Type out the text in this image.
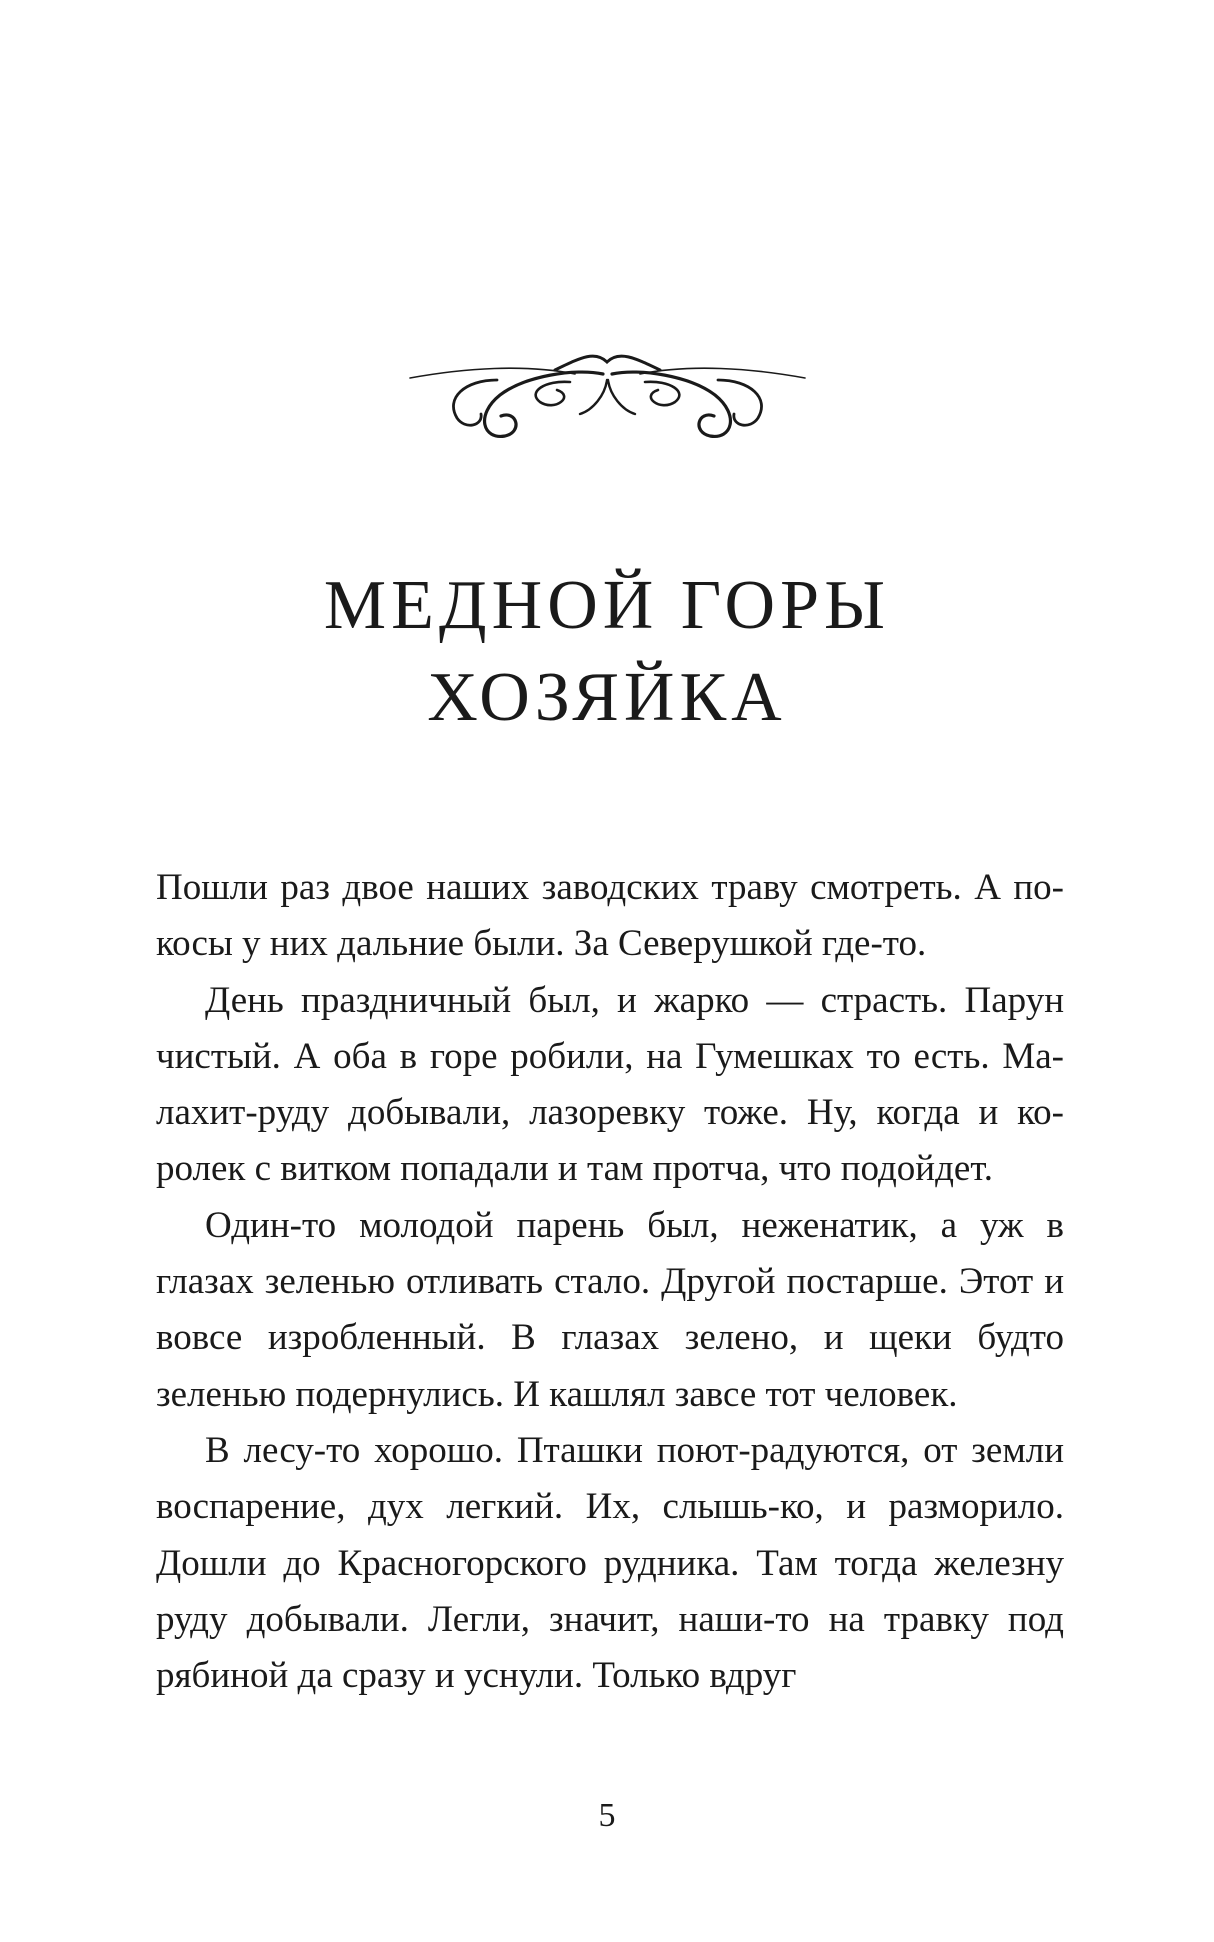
МЕДНОЙ ГОРЫ
ХОЗЯЙКА

Пошли раз двое наших заводских траву смотреть. А покосы у них дальние были. За Северушкой где-то.

День праздничный был, и жарко — страсть. Парун чистый. А оба в горе робили, на Гумешках то есть. Малахит-руду добывали, лазоревку тоже. Ну, когда и королек с витком попадали и там протча, что подойдет.

Один-то молодой парень был, неженатик, а уж в глазах зеленью отливать стало. Другой постарше. Этот и вовсе изробленный. В глазах зелено, и щеки будто зеленью подернулись. И кашлял завсе тот человек.

В лесу-то хорошо. Пташки поют-радуются, от земли воспарение, дух легкий. Их, слышь-ко, и разморило. Дошли до Красногорского рудника. Там тогда железну руду добывали. Легли, значит, наши-то на травку под рябиной да сразу и уснули. Только вдруг

5
